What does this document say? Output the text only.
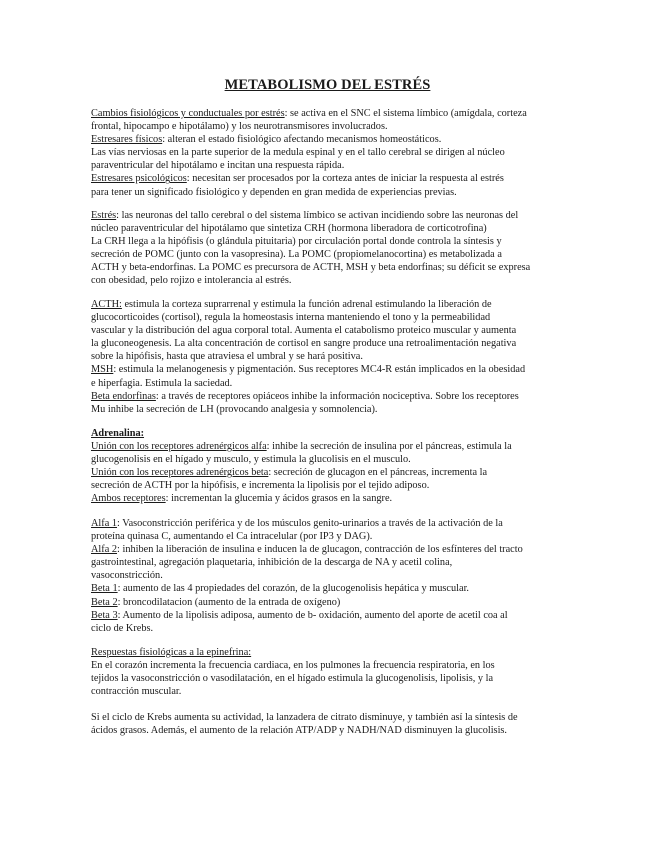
METABOLISMO DEL ESTRÉS
Cambios fisiológicos y conductuales por estrés: se activa en el SNC el sistema límbico (amígdala, corteza
frontal, hipocampo e hipotálamo) y los neurotransmisores involucrados.
Estresares físicos: alteran el estado fisiológico afectando mecanismos homeostáticos.
Las vías nerviosas en la parte superior de la medula espinal y en el tallo cerebral se dirigen al núcleo
paraventricular del hipotálamo e incitan una respuesta rápida.
Estresares psicológicos: necesitan ser procesados por la corteza antes de iniciar la respuesta al estrés
para tener un significado fisiológico y dependen en gran medida de experiencias previas.
Estrés: las neuronas del tallo cerebral o del sistema límbico se activan incidiendo sobre las neuronas del
núcleo paraventricular del hipotálamo que sintetiza CRH (hormona liberadora de corticotrofina)
La CRH llega a la hipófisis (o glándula pituitaria) por circulación portal donde controla la síntesis y
secreción de POMC (junto con la vasopresina). La POMC (propiomelanocortina) es metabolizada a
ACTH y beta-endorfinas. La POMC es precursora de ACTH, MSH y beta endorfinas; su déficit se expresa
con obesidad, pelo rojizo e intolerancia al estrés.
ACTH: estimula la corteza suprarrenal y estimula la función adrenal estimulando la liberación de
glucocorticoides (cortisol), regula la homeostasis interna manteniendo el tono y la permeabilidad
vascular y la distribución del agua corporal total. Aumenta el catabolismo proteico muscular y aumenta
la gluconeogenesis. La alta concentración de cortisol en sangre produce una retroalimentación negativa
sobre la hipófisis, hasta que atraviesa el umbral y se hará positiva.
MSH: estimula la melanogenesis y pigmentación. Sus receptores MC4-R están implicados en la obesidad
e hiperfagia. Estimula la saciedad.
Beta endorfinas: a través de receptores opiáceos inhibe la información nociceptiva. Sobre los receptores
Mu inhibe la secreción de LH (provocando analgesia y somnolencia).
Adrenalina:
Unión con los receptores adrenérgicos alfa: inhibe la secreción de insulina por el páncreas, estimula la
glucogenolisis en el hígado y musculo, y estimula la glucolisis en el musculo.
Unión con los receptores adrenérgicos beta: secreción de glucagon en el páncreas, incrementa la
secreción de ACTH por la hipófisis, e incrementa la lipolisis por el tejido adiposo.
Ambos receptores: incrementan la glucemia y ácidos grasos en la sangre.
Alfa 1: Vasoconstricción periférica y de los músculos genito-urinarios a través de la activación de la
proteína quinasa C, aumentando el Ca intracelular (por IP3 y DAG).
Alfa 2: inhiben la liberación de insulina e inducen la de glucagon, contracción de los esfínteres del tracto
gastrointestinal, agregación plaquetaria, inhibición de la descarga de NA y acetil colina,
vasoconstricción.
Beta 1: aumento de las 4 propiedades del corazón, de la glucogenolisis hepática y muscular.
Beta 2: broncodilatacion (aumento de la entrada de oxígeno)
Beta 3: Aumento de la lipolisis adiposa, aumento de b- oxidación, aumento del aporte de acetil coa al
ciclo de Krebs.
Respuestas fisiológicas a la epinefrina:
En el corazón incrementa la frecuencia cardiaca, en los pulmones la frecuencia respiratoria, en los
tejidos la vasoconstricción o vasodilatación, en el hígado estimula la glucogenolisis, lipolisis, y la
contracción muscular.
Si el ciclo de Krebs aumenta su actividad, la lanzadera de citrato disminuye, y también así la síntesis de
ácidos grasos. Además, el aumento de la relación ATP/ADP y NADH/NAD disminuyen la glucolisis.
